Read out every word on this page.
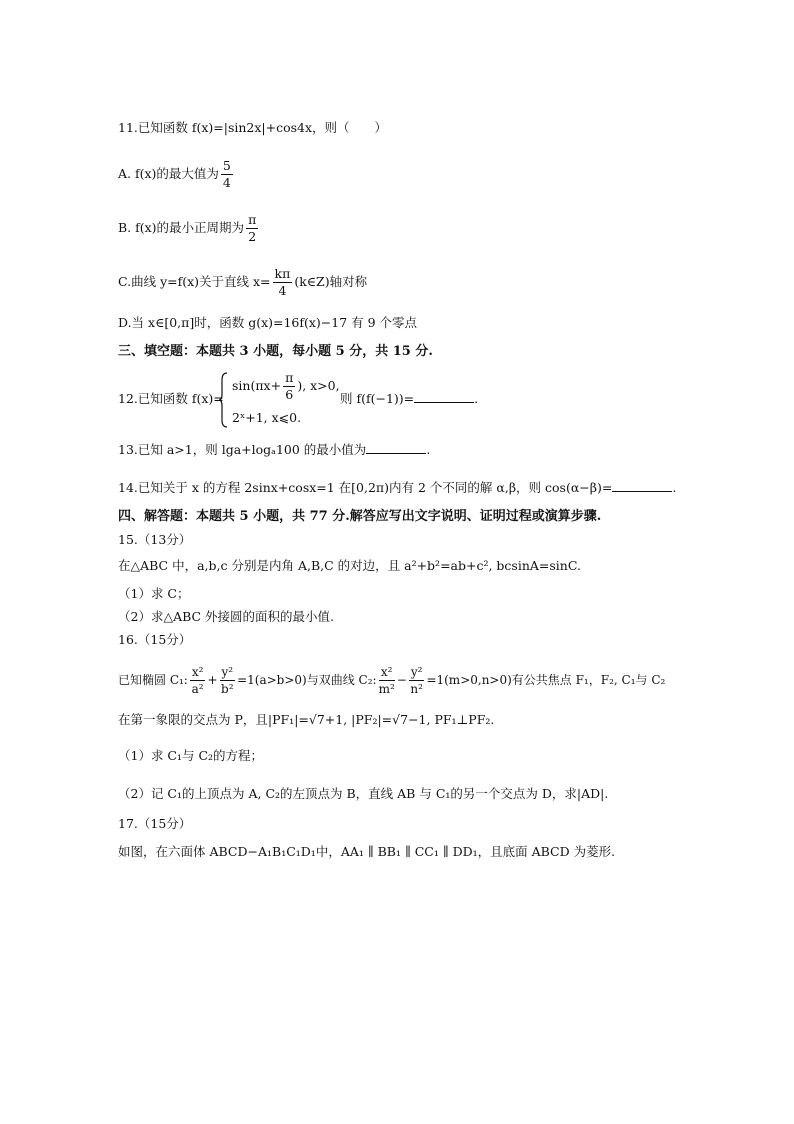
11.已知函数 f(x)=|sin2x|+cos4x，则（　　）
A. f(x)的最大值为 $\frac{5}{4}$
B. f(x)的最小正周期为 $\frac{\pi}{2}$
C.曲线 y=f(x)关于直线 $x= \frac{k\pi}{4}$ (k∈Z)轴对称
D.当 x∈[0,π]时，函数 g(x)=16f(x)−17 有 9 个零点
三、填空题：本题共 3 小题，每小题 5 分，共 15 分.
12.已知函数 f(x)=
$\sin(\pi x+ \frac{\pi}{6}$ ), x>0,
2ˣ+1, x⩽0.
则 f(f(−1))=	.
13.已知 a>1，则 lga+logₐ100 的最小值为	.
14.已知关于 x 的方程 2sinx+cosx=1 在[0,2π)内有 2 个不同的解 α,β，则 cos(α−β)=	.
四、解答题：本题共 5 小题，共 77 分.解答应写出文字说明、证明过程或演算步骤.
15.（13分）
在△ABC 中，a,b,c 分别是内角 A,B,C 的对边，且 a²+b²=ab+c², bcsinA=sinC.
（1）求 C；
（2）求△ABC 外接圆的面积的最小值.
16.（15分）
已知椭圆 C₁: $\frac{\text{x²}}{\text{a²}} + \frac{\text{y²}}{\text{b²}} =1(a>b>0)$与双曲线 C₂: $\frac{\text{x²}}{\text{m²}} - \frac{\text{y²}}{\text{n²}} =1(m>0,n>0)$有公共焦点 F₁，F₂, C₁与 C₂
在第一象限的交点为 P，且|PF₁|=√7+1, |PF₂|=√7−1, PF₁⊥PF₂.
（1）求 C₁与 C₂的方程；
（2）记 C₁的上顶点为 A, C₂的左顶点为 B，直线 AB 与 C₁的另一个交点为 D，求|AD|.
17.（15分）
如图，在六面体 ABCD−A₁B₁C₁D₁中，AA₁ ∥ BB₁ ∥ CC₁ ∥ DD₁，且底面 ABCD 为菱形.
